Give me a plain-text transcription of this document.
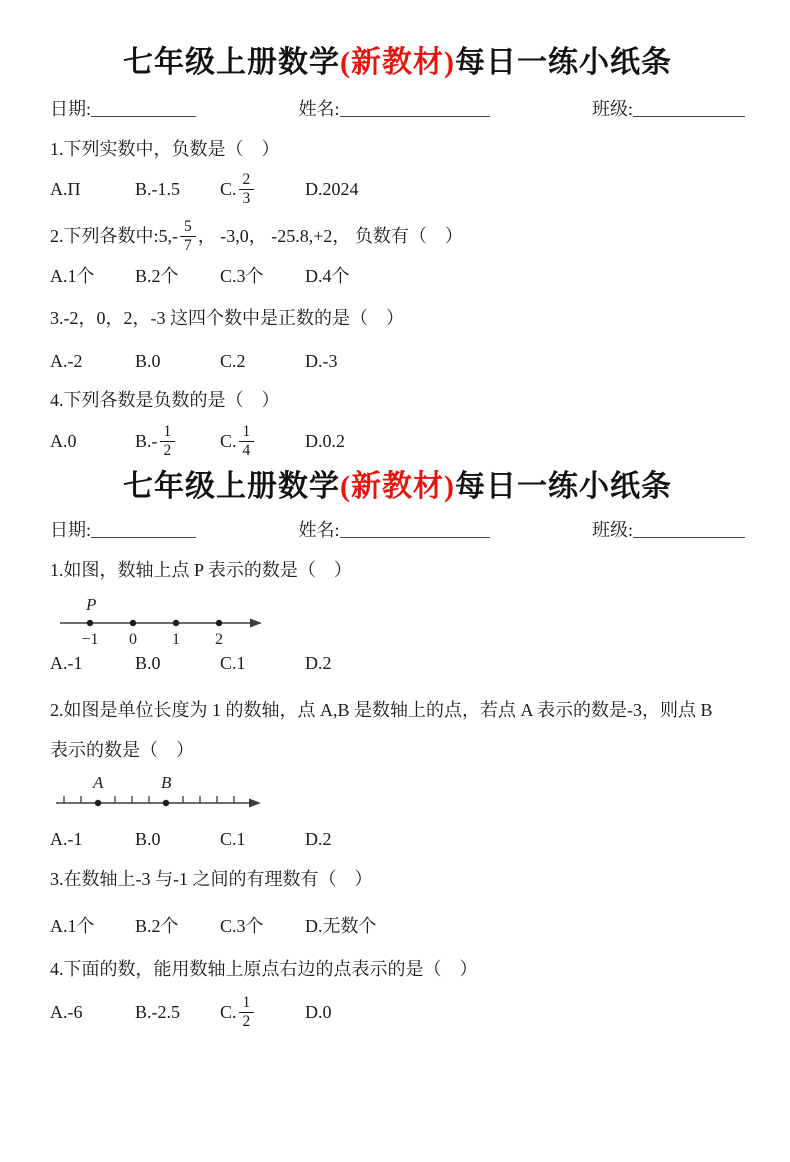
七年级上册数学(新教材)每日一练小纸条
日期:	姓名:	班级:
1.下列实数中，负数是（　）
A.Π	B.-1.5	C. $\frac{2}{3}$	D.2024
2.下列各数中:5, - $\frac{5}{7}$ ， -3,0， -25.8,+2， 负数有（　）
A.1个	B.2个	C.3个	D.4个
3.-2，0，2，-3 这四个数中是正数的是（　）
A.-2	B.0	C.2	D.-3
4.下列各数是负数的是（　）
A.0	B. - $\frac{1}{2} C$. $\frac{1}{4}$	D.0.2
七年级上册数学(新教材)每日一练小纸条
日期:	姓名:	班级:
1.如图，数轴上点 P 表示的数是（　）
P
−1 0 1 2
A.-1	B.0	C.1	D.2
2.如图是单位长度为 1 的数轴，点 A,B 是数轴上的点，若点 A 表示的数是-3，则点 B
表示的数是（　）
A	B
A.-1	B.0	C.1	D.2
3.在数轴上-3 与-1 之间的有理数有（　）
A.1个	B.2个	C.3个	D.无数个
4.下面的数，能用数轴上原点右边的点表示的是（　）
A.-6	B.-2.5	C. $\frac{1}{2}$	D.0
